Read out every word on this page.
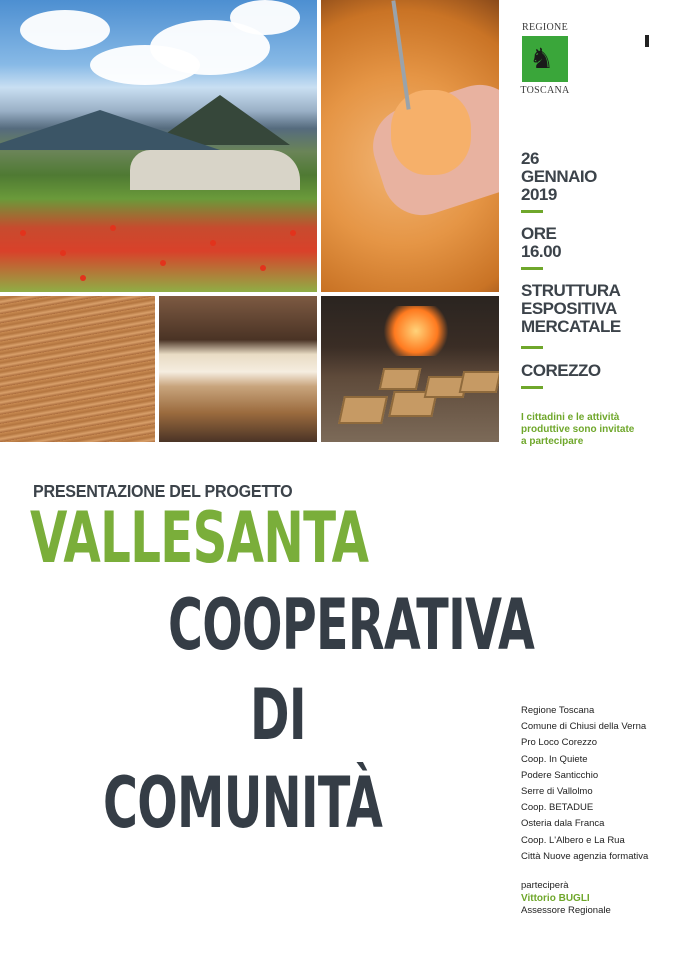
REGIONE
♞
TOSCANA
26
GENNAIO
2019
ORE
16.00
STRUTTURA
ESPOSITIVA
MERCATALE
COREZZO
I cittadini e le attività
produttive sono invitate
a partecipare
PRESENTAZIONE DEL PROGETTO
VALLESANTA
COOPERATIVA
DI
COMUNITÀ
Regione Toscana
Comune di Chiusi della Verna
Pro Loco Corezzo
Coop. In Quiete
Podere Santicchio
Serre di Vallolmo
Coop. BETADUE
Osteria dala Franca
Coop. L'Albero e La Rua
Città Nuove agenzia formativa
parteciperà
Vittorio BUGLI
Assessore Regionale
